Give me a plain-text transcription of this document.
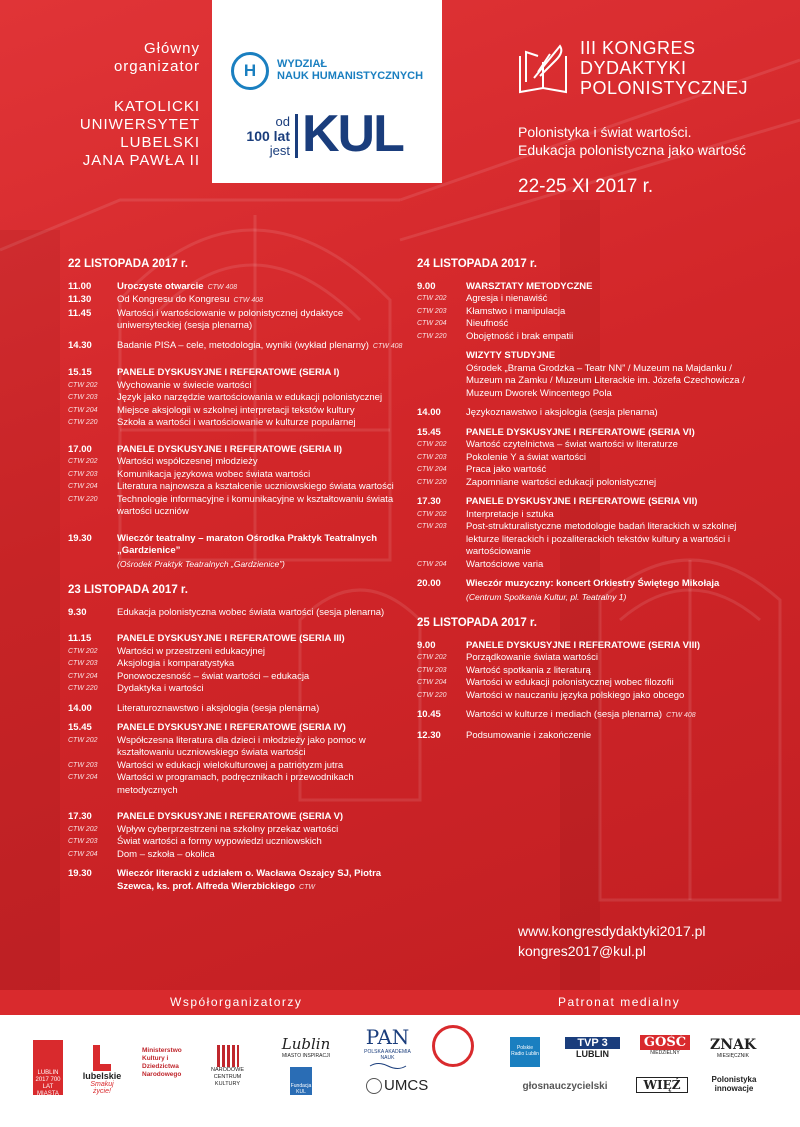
Główny
organizator
KATOLICKI
UNIWERSYTET
LUBELSKI
JANA PAWŁA II
H	WYDZIAŁ
NAUK HUMANISTYCZNYCH
od
100 lat
jest KUL
III KONGRES
DYDAKTYKI
POLONISTYCZNEJ
Polonistyka i świat wartości.
Edukacja polonistyczna jako wartość
22-25 XI 2017 r.
22 LISTOPADA 2017 r.
11.00	Uroczyste otwarcie CTW 408
11.30	Od Kongresu do Kongresu CTW 408
11.45	Wartości i wartościowanie w polonistycznej dydaktyce uniwersyteckiej (sesja plenarna)
14.30	Badanie PISA – cele, metodologia, wyniki (wykład plenarny) CTW 408
15.15	PANELE DYSKUSYJNE I REFERATOWE (SERIA I)
CTW 202	Wychowanie w świecie wartości
CTW 203	Język jako narzędzie wartościowania w edukacji polonistycznej
CTW 204	Miejsce aksjologii w szkolnej interpretacji tekstów kultury
CTW 220	Szkoła a wartości i wartościowanie w kulturze popularnej
17.00	PANELE DYSKUSYJNE I REFERATOWE (SERIA II)
CTW 202	Wartości współczesnej młodzieży
CTW 203	Komunikacja językowa wobec świata wartości
CTW 204	Literatura najnowsza a kształcenie uczniowskiego świata wartości
CTW 220	Technologie informacyjne i komunikacyjne w kształtowaniu świata wartości uczniów
19.30	Wieczór teatralny – maraton Ośrodka Praktyk Teatralnych „Gardzienice”
(Ośrodek Praktyk Teatralnych „Gardzienice”)
23 LISTOPADA 2017 r.
9.30	Edukacja polonistyczna wobec świata wartości (sesja plenarna)
11.15	PANELE DYSKUSYJNE I REFERATOWE (SERIA III)
CTW 202	Wartości w przestrzeni edukacyjnej
CTW 203	Aksjologia i komparatystyka
CTW 204	Ponowoczesność – świat wartości – edukacja
CTW 220	Dydaktyka i wartości
14.00	Literaturoznawstwo i aksjologia (sesja plenarna)
15.45	PANELE DYSKUSYJNE I REFERATOWE (SERIA IV)
CTW 202	Współczesna literatura dla dzieci i młodzieży jako pomoc w kształtowaniu uczniowskiego świata wartości
CTW 203	Wartości w edukacji wielokulturowej a patriotyzm jutra
CTW 204	Wartości w programach, podręcznikach i przewodnikach metodycznych
17.30	PANELE DYSKUSYJNE I REFERATOWE (SERIA V)
CTW 202	Wpływ cyberprzestrzeni na szkolny przekaz wartości
CTW 203	Świat wartości a formy wypowiedzi uczniowskich
CTW 204	Dom – szkoła – okolica
19.30	Wieczór literacki z udziałem o. Wacława Oszajcy SJ, Piotra Szewca, ks. prof. Alfreda Wierzbickiego CTW
24 LISTOPADA 2017 r.
9.00	WARSZTATY METODYCZNE
CTW 202	Agresja i nienawiść
CTW 203	Kłamstwo i manipulacja
CTW 204	Nieufność
CTW 220	Obojętność i brak empatii
WIZYTY STUDYJNE
Ośrodek „Brama Grodzka – Teatr NN” / Muzeum na Majdanku / Muzeum na Zamku / Muzeum Literackie im. Józefa Czechowicza / Muzeum Dworek Wincentego Pola
14.00	Językoznawstwo i aksjologia (sesja plenarna)
15.45	PANELE DYSKUSYJNE I REFERATOWE (SERIA VI)
CTW 202	Wartość czytelnictwa – świat wartości w literaturze
CTW 203	Pokolenie Y a świat wartości
CTW 204	Praca jako wartość
CTW 220	Zapomniane wartości edukacji polonistycznej
17.30	PANELE DYSKUSYJNE I REFERATOWE (SERIA VII)
CTW 202	Interpretacje i sztuka
CTW 203	Post-strukturalistyczne metodologie badań literackich w szkolnej lekturze literackich i pozaliterackich tekstów kultury a wartości i wartościowanie
CTW 204	Wartościowe varia
20.00	Wieczór muzyczny: koncert Orkiestry Świętego Mikołaja
(Centrum Spotkania Kultur, pl. Teatralny 1)
25 LISTOPADA 2017 r.
9.00	PANELE DYSKUSYJNE I REFERATOWE (SERIA VIII)
CTW 202	Porządkowanie świata wartości
CTW 203	Wartość spotkania z literaturą
CTW 204	Wartości w edukacji polonistycznej wobec filozofii
CTW 220	Wartości w nauczaniu języka polskiego jako obcego
10.45	Wartości w kulturze i mediach (sesja plenarna) CTW 408
12.30	Podsumowanie i zakończenie
www.kongresdydaktyki2017.pl
kongres2017@kul.pl
Współorganizatorzy	Patronat medialny
LUBLIN 2017 700 LAT MIASTA
lubelskie
Smakuj życie!
Ministerstwo Kultury i Dziedzictwa Narodowego
NARODOWE CENTRUM KULTURY
Lublin
MIASTO INSPIRACJI
Fundacja KUL
PAN
POLSKA AKADEMIA NAUK
UMCS
Polskie Radio Lublin
TVP 3
LUBLIN
GOŚĆ
NIEDZIELNY	ZNAK
MIESIĘCZNIK
głosnauczycielski	WIĘŹ	Polonistyka innowacje
